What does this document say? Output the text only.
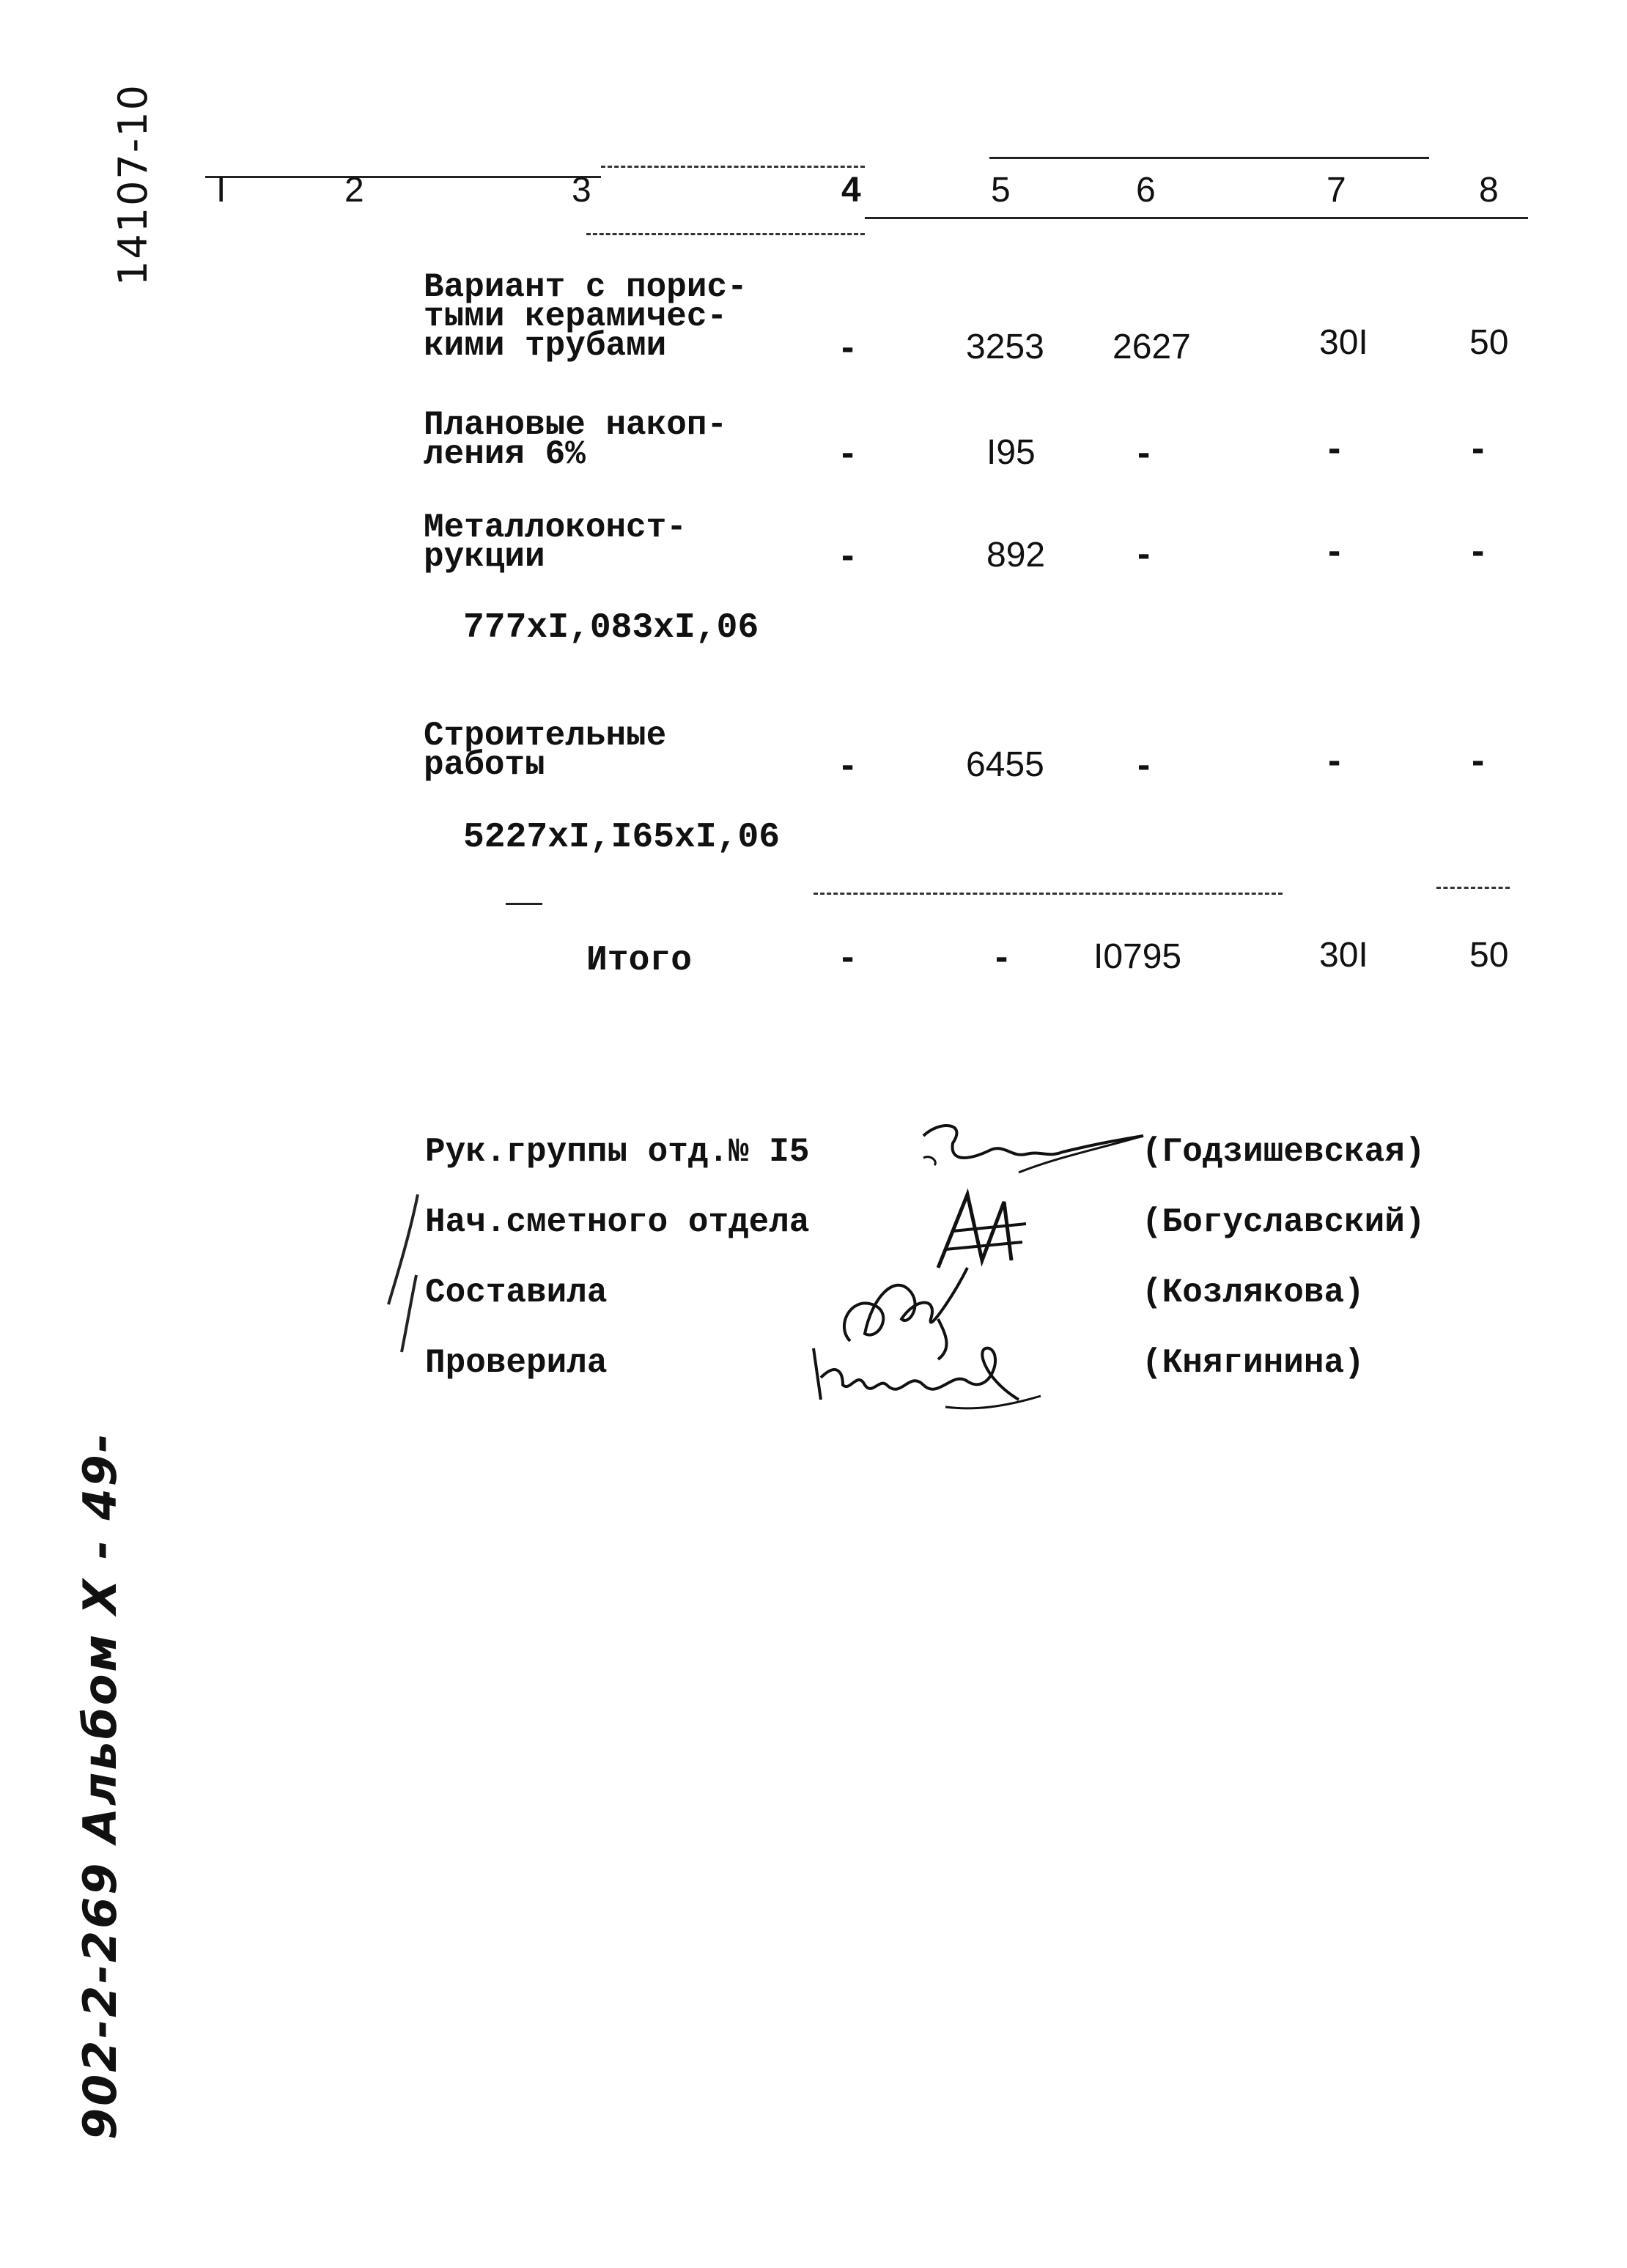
14107-10
902-2-269 Альбом X - 49-
I	2	3	4	5	6	7	8
Вариант с порис-
тыми керамичес-
кими трубами	-	3253 2627	30I	50
Плановые накоп-
ления 6%	-	I95	-	-	-
Металлоконст-
рукции	-	892 -	-	-
777xI,083xI,06
Строительные
работы	-	6455 -	-	-
5227xI,I65xI,06
Итого	-	- I0795	30I	50
Рук.группы отд.№ I5
Нач.сметного отдела
Составила
Проверила
(Годзишевская)
(Богуславский)
(Козлякова)
(Княгинина)
